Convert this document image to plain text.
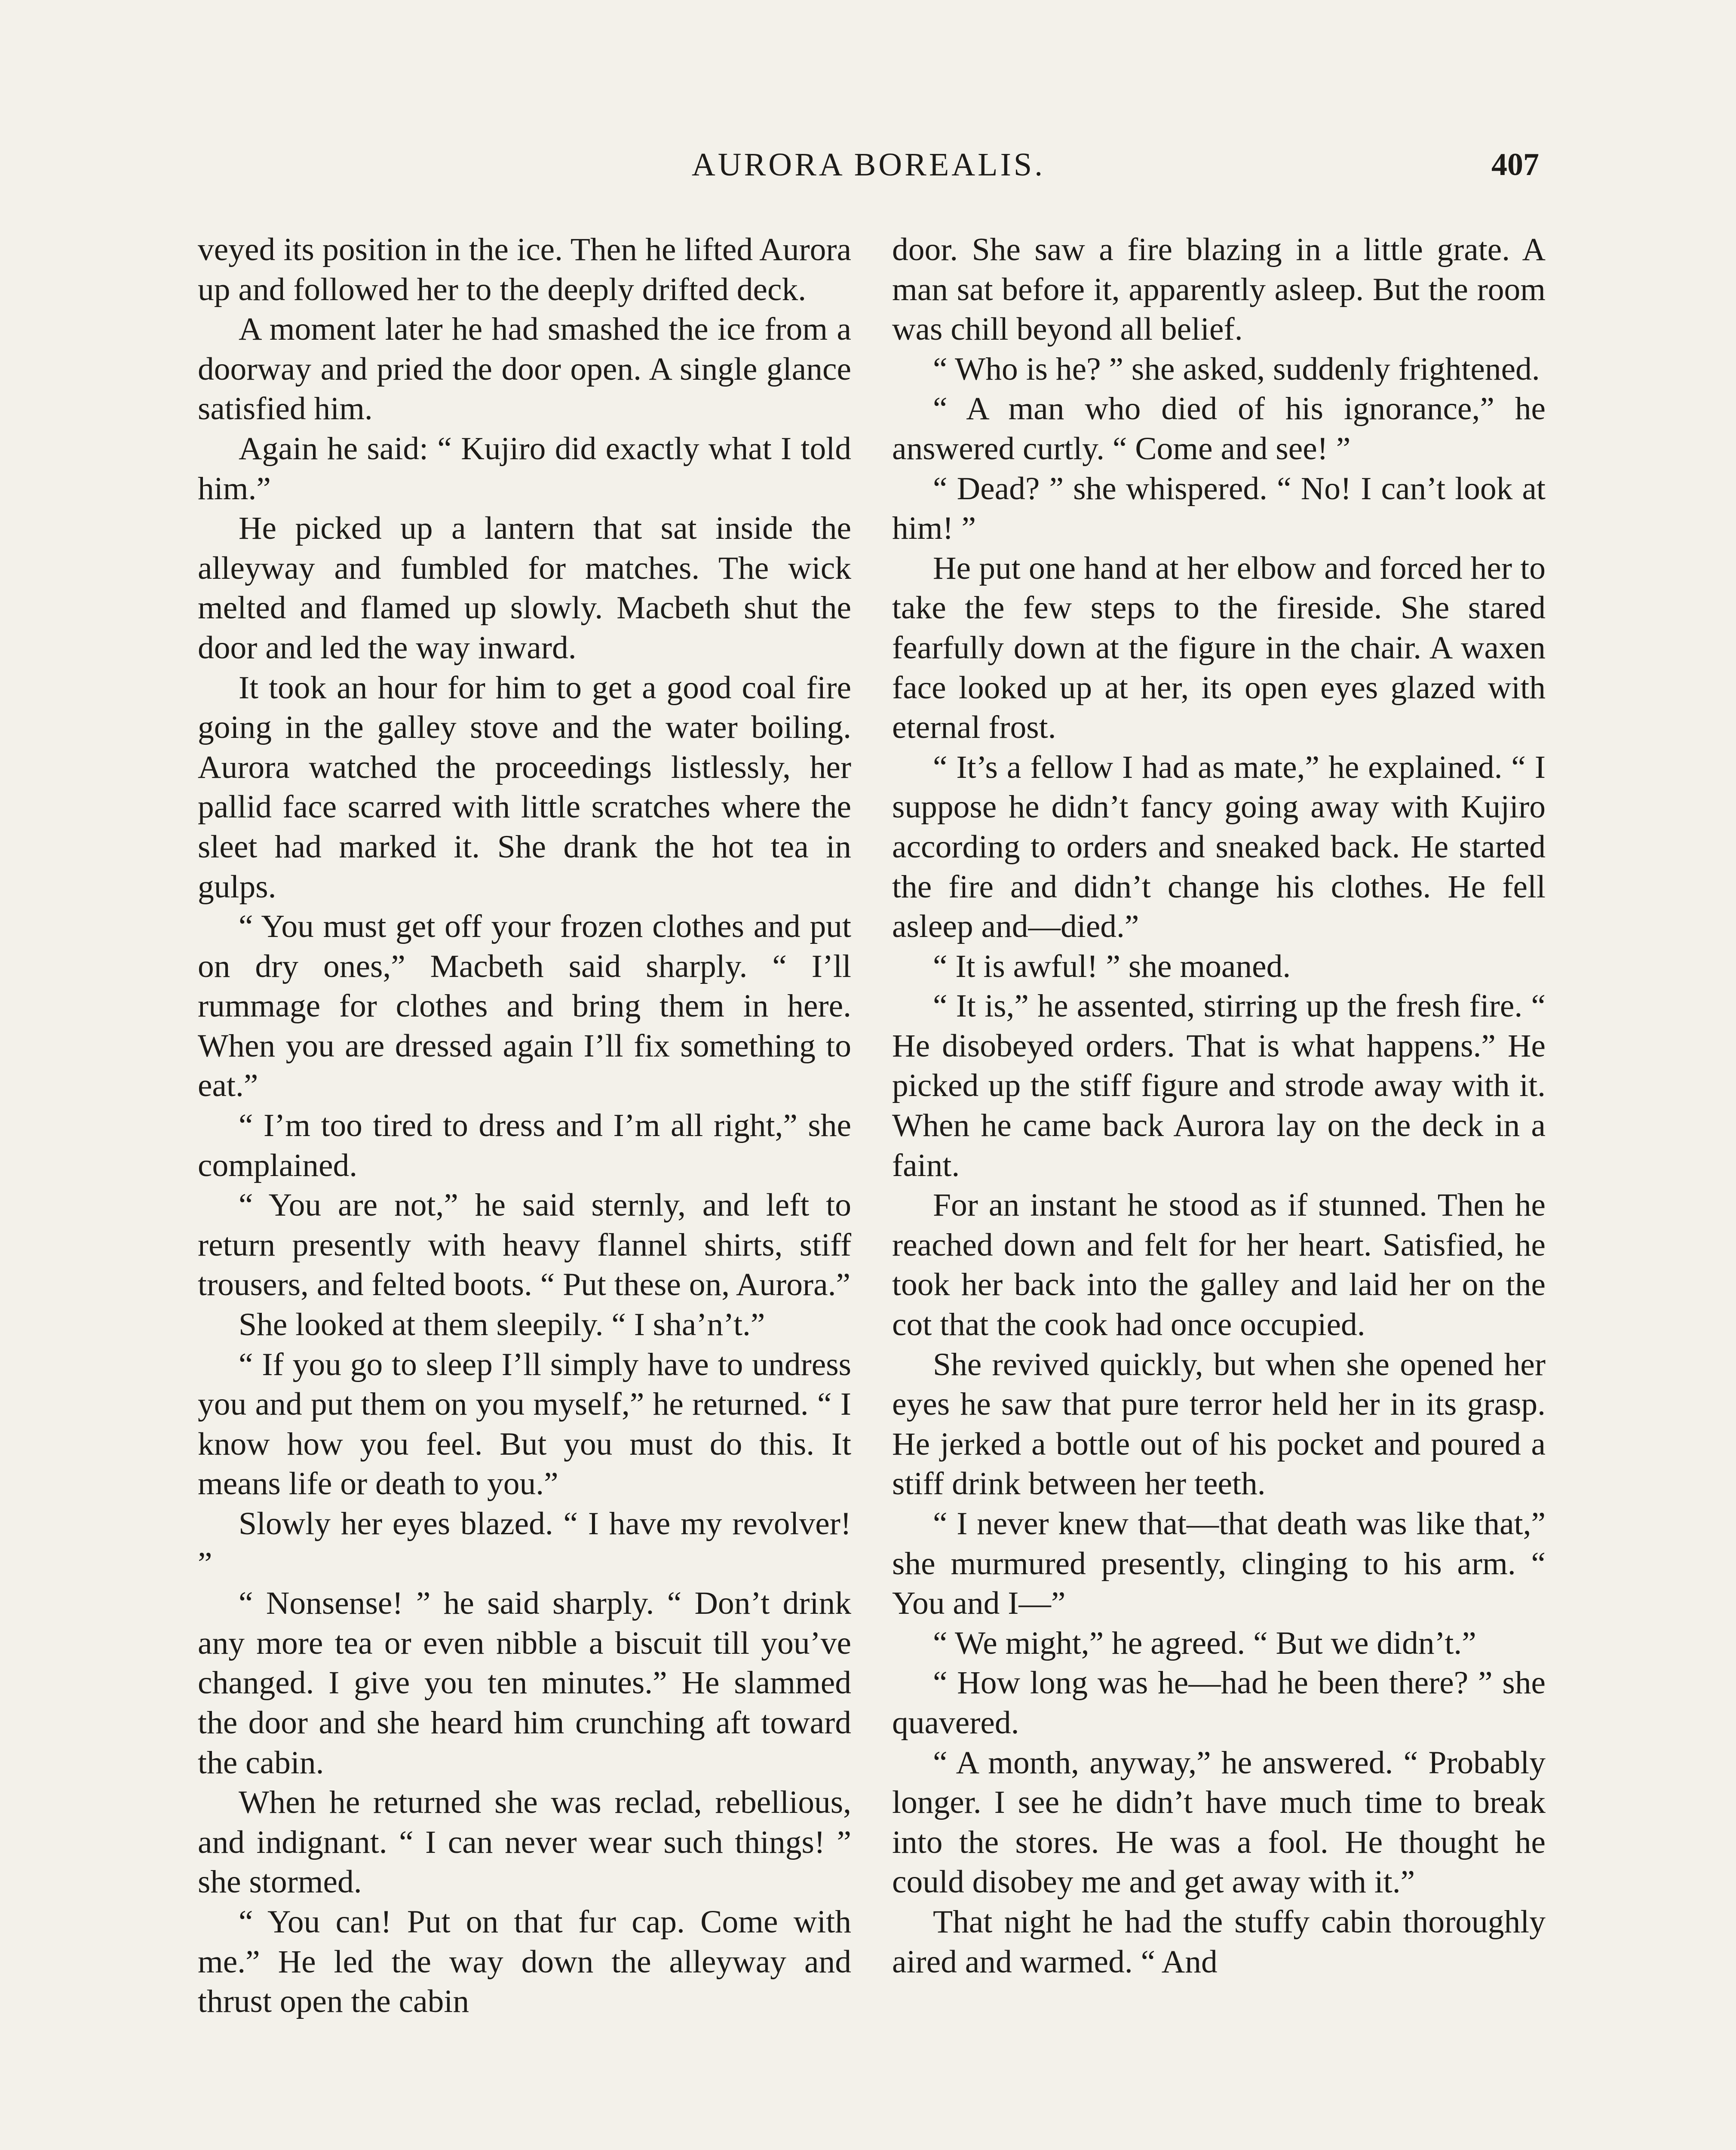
AURORA BOREALIS.	407

veyed its position in the ice. Then he lifted Aurora up and followed her to the deeply drifted deck.

A moment later he had smashed the ice from a doorway and pried the door open. A single glance satisfied him.

Again he said: “ Kujiro did exactly what I told him.”

He picked up a lantern that sat inside the alleyway and fumbled for matches. The wick melted and flamed up slowly. Macbeth shut the door and led the way inward.

It took an hour for him to get a good coal fire going in the galley stove and the water boiling. Aurora watched the proceedings listlessly, her pallid face scarred with little scratches where the sleet had marked it. She drank the hot tea in gulps.

“ You must get off your frozen clothes and put on dry ones,” Macbeth said sharply. “ I’ll rummage for clothes and bring them in here. When you are dressed again I’ll fix something to eat.”

“ I’m too tired to dress and I’m all right,” she complained.

“ You are not,” he said sternly, and left to return presently with heavy flannel shirts, stiff trousers, and felted boots. “ Put these on, Aurora.”

She looked at them sleepily. “ I sha’n’t.”

“ If you go to sleep I’ll simply have to undress you and put them on you myself,” he returned. “ I know how you feel. But you must do this. It means life or death to you.”

Slowly her eyes blazed. “ I have my revolver! ”

“ Nonsense! ” he said sharply. “ Don’t drink any more tea or even nibble a biscuit till you’ve changed. I give you ten minutes.” He slammed the door and she heard him crunching aft toward the cabin.

When he returned she was reclad, rebellious, and indignant. “ I can never wear such things! ” she stormed.

“ You can! Put on that fur cap. Come with me.” He led the way down the alleyway and thrust open the cabin

door. She saw a fire blazing in a little grate. A man sat before it, apparently asleep. But the room was chill beyond all belief.

“ Who is he? ” she asked, suddenly frightened.

“ A man who died of his ignorance,” he answered curtly. “ Come and see! ”

“ Dead? ” she whispered. “ No! I can’t look at him! ”

He put one hand at her elbow and forced her to take the few steps to the fireside. She stared fearfully down at the figure in the chair. A waxen face looked up at her, its open eyes glazed with eternal frost.

“ It’s a fellow I had as mate,” he explained. “ I suppose he didn’t fancy going away with Kujiro according to orders and sneaked back. He started the fire and didn’t change his clothes. He fell asleep and—died.”

“ It is awful! ” she moaned.

“ It is,” he assented, stirring up the fresh fire. “ He disobeyed orders. That is what happens.” He picked up the stiff figure and strode away with it. When he came back Aurora lay on the deck in a faint.

For an instant he stood as if stunned. Then he reached down and felt for her heart. Satisfied, he took her back into the galley and laid her on the cot that the cook had once occupied.

She revived quickly, but when she opened her eyes he saw that pure terror held her in its grasp. He jerked a bottle out of his pocket and poured a stiff drink between her teeth.

“ I never knew that—that death was like that,” she murmured presently, clinging to his arm. “ You and I—”

“ We might,” he agreed. “ But we didn’t.”

“ How long was he—had he been there? ” she quavered.

“ A month, anyway,” he answered. “ Probably longer. I see he didn’t have much time to break into the stores. He was a fool. He thought he could disobey me and get away with it.”

That night he had the stuffy cabin thoroughly aired and warmed. “ And
